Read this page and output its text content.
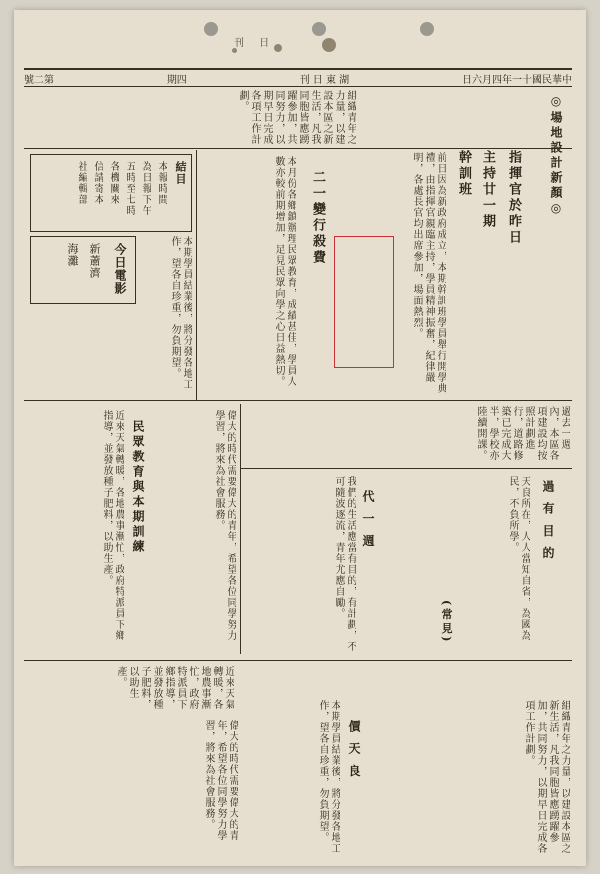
刊 日
號二第	期四	刊 日 東 湖	日六月四年一十國民華中
組織青年之力量，以建設本區之新生活，凡我同胞皆應踴躍參加，共同努力，以期早日完成各項工作計劃。	◎場地設計新顏◎
指揮官於昨日
主持廿一期
幹訓班
前日因為新政府成立，本期幹訓班學員舉行開學典禮，由指揮官親臨主持，學員精神振奮，紀律嚴明，各處長官均出席參加，場面熱烈。
二一變行殺費
本月份各鄉鎮辦理民眾教育，成績甚佳，學員人數亦較前期增加，足見民眾向學之心日益熱切。
結目
本報時間
為日報下午
五時至七時
各機關來
信請寄本
社編輯部
今日電影
新蕭濟
海灘	本期學員結業後，將分發各地工作，望各自珍重，勿負期望。
民眾教育與本期訓練
近來天氣轉暖，各地農事漸忙，政府特派員下鄉指導，並發放種子肥料，以助生產。	偉大的時代需要偉大的青年，希望各位同學努力學習，將來為社會服務。	過去一週內，本區各項建設均按照計劃進行，道路修築已完成大半，學校亦陸續開課。
代 一 週
我們的生活應當有目的，有計劃，不可隨波逐流，青年尤應自勵。	過 有 目 的
天良所在，人人當知自省，為國為民，不負所學。
(常見)
近來天氣轉暖，各地農事漸忙，政府特派員下鄉指導，並發放種子肥料，以助生產。
偉大的時代需要偉大的青年，希望各位同學努力學習，將來為社會服務。	價 天 良
本期學員結業後，將分發各地工作，望各自珍重，勿負期望。	組織青年之力量，以建設本區之新生活，凡我同胞皆應踴躍參加，共同努力，以期早日完成各項工作計劃。
